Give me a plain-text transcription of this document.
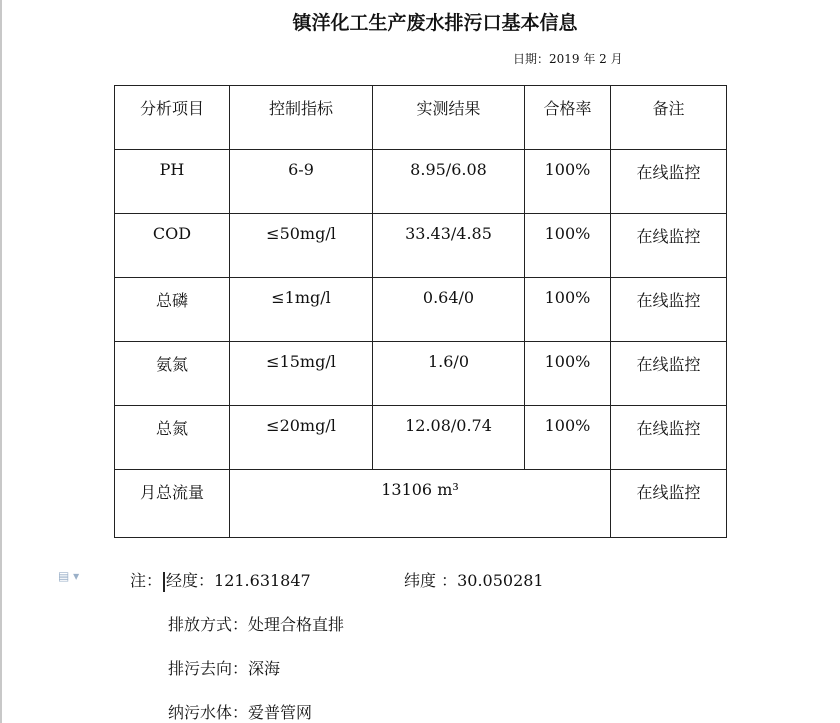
镇洋化工生产废水排污口基本信息
日期：2019 年 2 月
分析项目	控制指标	实测结果	合格率	备注
PH	6-9	8.95/6.08	100%	在线监控
COD	≤50mg/l	33.43/4.85	100%	在线监控
总磷	≤1mg/l	0.64/0	100%	在线监控
氨氮	≤15mg/l	1.6/0	100%	在线监控
总氮	≤20mg/l	12.08/0.74	100%	在线监控
月总流量	13106 m³			在线监控
▤ ▾	注： 经度：121.631847	纬度 ：30.050281
排放方式：处理合格直排
排污去向：深海
纳污水体：爱普管网
